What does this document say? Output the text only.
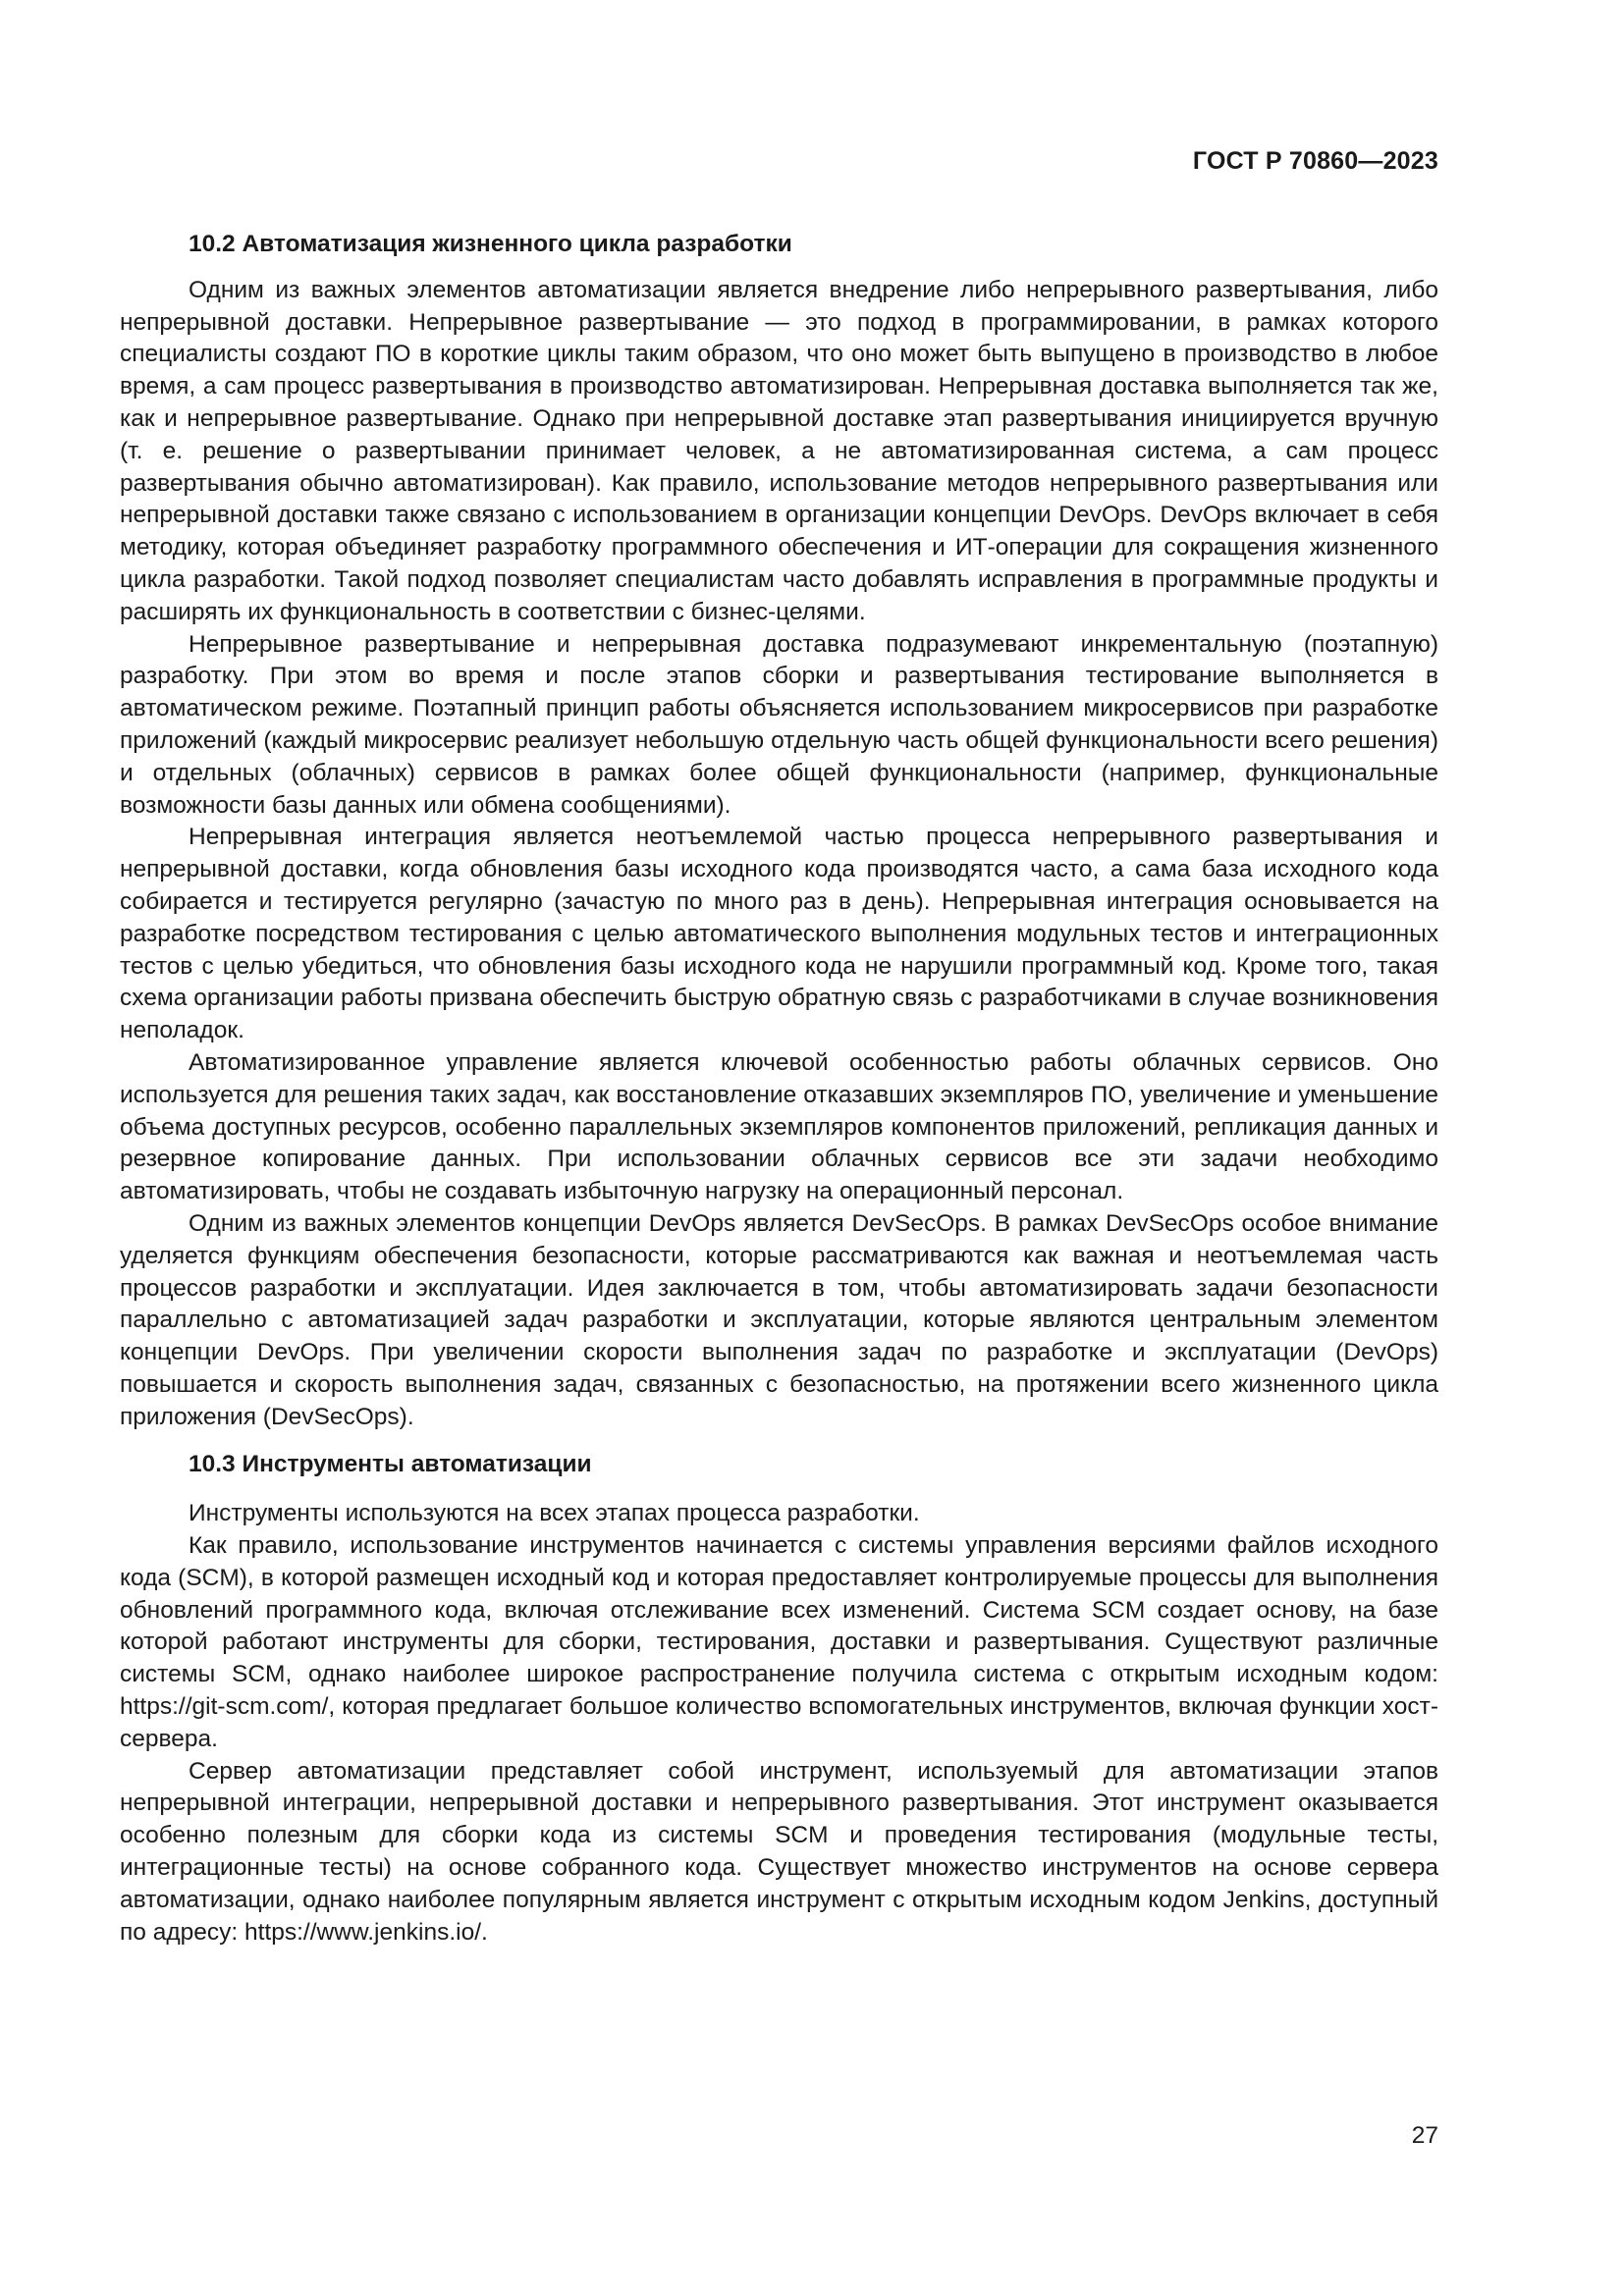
ГОСТ Р 70860—2023
10.2 Автоматизация жизненного цикла разработки

Одним из важных элементов автоматизации является внедрение либо непрерывного развертывания, либо непрерывной доставки. Непрерывное развертывание — это подход в программировании, в рамках которого специалисты создают ПО в короткие циклы таким образом, что оно может быть выпущено в производство в любое время, а сам процесс развертывания в производство автоматизирован. Непрерывная доставка выполняется так же, как и непрерывное развертывание. Однако при непрерывной доставке этап развертывания инициируется вручную (т. е. решение о развертывании принимает человек, а не автоматизированная система, а сам процесс развертывания обычно автоматизирован). Как правило, использование методов непрерывного развертывания или непрерывной доставки также связано с использованием в организации концепции DevOps. DevOps включает в себя методику, которая объединяет разработку программного обеспечения и ИТ-операции для сокращения жизненного цикла разработки. Такой подход позволяет специалистам часто добавлять исправления в программные продукты и расширять их функциональность в соответствии с бизнес-целями.

Непрерывное развертывание и непрерывная доставка подразумевают инкрементальную (поэтапную) разработку. При этом во время и после этапов сборки и развертывания тестирование выполняется в автоматическом режиме. Поэтапный принцип работы объясняется использованием микросервисов при разработке приложений (каждый микросервис реализует небольшую отдельную часть общей функциональности всего решения) и отдельных (облачных) сервисов в рамках более общей функциональности (например, функциональные возможности базы данных или обмена сообщениями).

Непрерывная интеграция является неотъемлемой частью процесса непрерывного развертывания и непрерывной доставки, когда обновления базы исходного кода производятся часто, а сама база исходного кода собирается и тестируется регулярно (зачастую по много раз в день). Непрерывная интеграция основывается на разработке посредством тестирования с целью автоматического выполнения модульных тестов и интеграционных тестов с целью убедиться, что обновления базы исходного кода не нарушили программный код. Кроме того, такая схема организации работы призвана обеспечить быструю обратную связь с разработчиками в случае возникновения неполадок.

Автоматизированное управление является ключевой особенностью работы облачных сервисов. Оно используется для решения таких задач, как восстановление отказавших экземпляров ПО, увеличение и уменьшение объема доступных ресурсов, особенно параллельных экземпляров компонентов приложений, репликация данных и резервное копирование данных. При использовании облачных сервисов все эти задачи необходимо автоматизировать, чтобы не создавать избыточную нагрузку на операционный персонал.

Одним из важных элементов концепции DevOps является DevSecOps. В рамках DevSecOps особое внимание уделяется функциям обеспечения безопасности, которые рассматриваются как важная и неотъемлемая часть процессов разработки и эксплуатации. Идея заключается в том, чтобы автоматизировать задачи безопасности параллельно с автоматизацией задач разработки и эксплуатации, которые являются центральным элементом концепции DevOps. При увеличении скорости выполнения задач по разработке и эксплуатации (DevOps) повышается и скорость выполнения задач, связанных с безопасностью, на протяжении всего жизненного цикла приложения (DevSecOps).

10.3 Инструменты автоматизации

Инструменты используются на всех этапах процесса разработки.

Как правило, использование инструментов начинается с системы управления версиями файлов исходного кода (SCM), в которой размещен исходный код и которая предоставляет контролируемые процессы для выполнения обновлений программного кода, включая отслеживание всех изменений. Система SCM создает основу, на базе которой работают инструменты для сборки, тестирования, доставки и развертывания. Существуют различные системы SCM, однако наиболее широкое распространение получила система с открытым исходным кодом: https://git-scm.com/, которая предлагает большое количество вспомогательных инструментов, включая функции хост-сервера.

Сервер автоматизации представляет собой инструмент, используемый для автоматизации этапов непрерывной интеграции, непрерывной доставки и непрерывного развертывания. Этот инструмент оказывается особенно полезным для сборки кода из системы SCM и проведения тестирования (модульные тесты, интеграционные тесты) на основе собранного кода. Существует множество инструментов на основе сервера автоматизации, однако наиболее популярным является инструмент с открытым исходным кодом Jenkins, доступный по адресу: https://www.jenkins.io/.

27
